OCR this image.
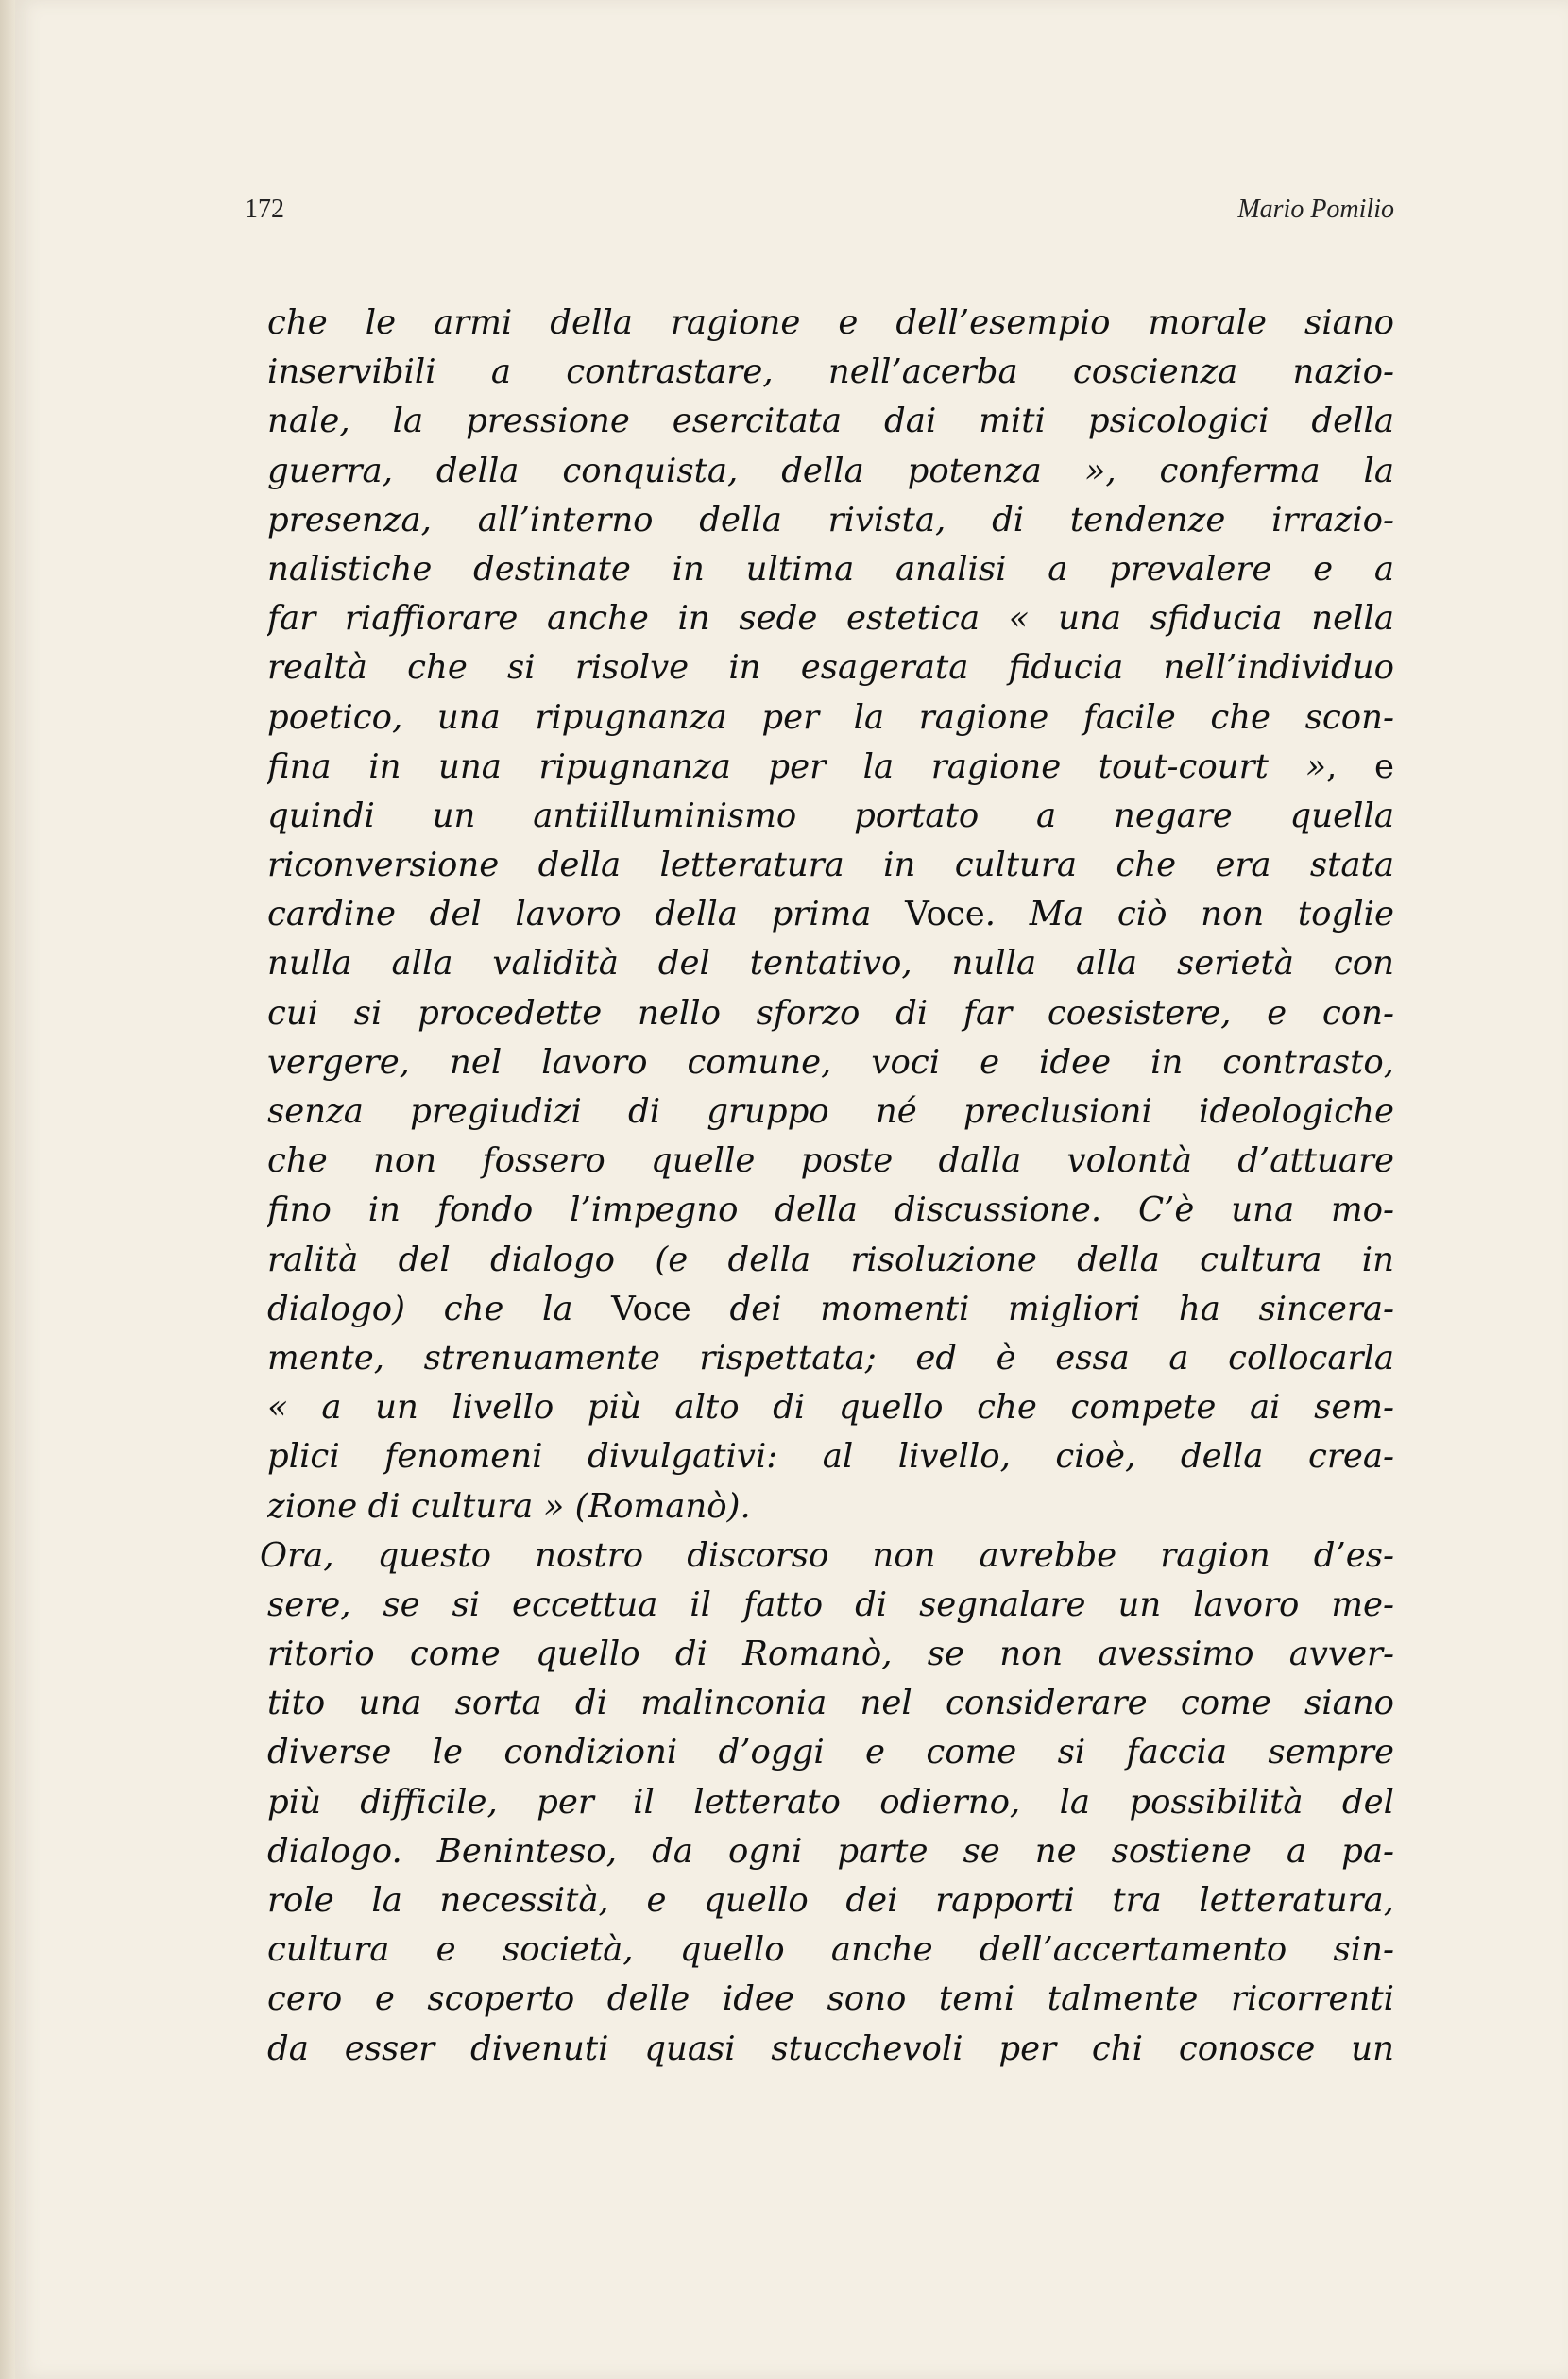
172	Mario Pomilio
che le armi della ragione e dell’esempio morale siano
inservibili a contrastare, nell’acerba coscienza nazio-
nale, la pressione esercitata dai miti psicologici della
guerra, della conquista, della potenza », conferma la
presenza, all’interno della rivista, di tendenze irrazio-
nalistiche destinate in ultima analisi a prevalere e a
far riaffiorare anche in sede estetica « una sfiducia nella
realtà che si risolve in esagerata fiducia nell’individuo
poetico, una ripugnanza per la ragione facile che scon-
fina in una ripugnanza per la ragione tout-court », e
quindi un antiilluminismo portato a negare quella
riconversione della letteratura in cultura che era stata
cardine del lavoro della prima Voce. Ma ciò non toglie
nulla alla validità del tentativo, nulla alla serietà con
cui si procedette nello sforzo di far coesistere, e con-
vergere, nel lavoro comune, voci e idee in contrasto,
senza pregiudizi di gruppo né preclusioni ideologiche
che non fossero quelle poste dalla volontà d’attuare
fino in fondo l’impegno della discussione. C’è una mo-
ralità del dialogo (e della risoluzione della cultura in
dialogo) che la Voce dei momenti migliori ha sincera-
mente, strenuamente rispettata; ed è essa a collocarla
« a un livello più alto di quello che compete ai sem-
plici fenomeni divulgativi: al livello, cioè, della crea-
zione di cultura » (Romanò).
Ora, questo nostro discorso non avrebbe ragion d’es-
sere, se si eccettua il fatto di segnalare un lavoro me-
ritorio come quello di Romanò, se non avessimo avver-
tito una sorta di malinconia nel considerare come siano
diverse le condizioni d’oggi e come si faccia sempre
più difficile, per il letterato odierno, la possibilità del
dialogo. Beninteso, da ogni parte se ne sostiene a pa-
role la necessità, e quello dei rapporti tra letteratura,
cultura e società, quello anche dell’accertamento sin-
cero e scoperto delle idee sono temi talmente ricorrenti
da esser divenuti quasi stucchevoli per chi conosce un
